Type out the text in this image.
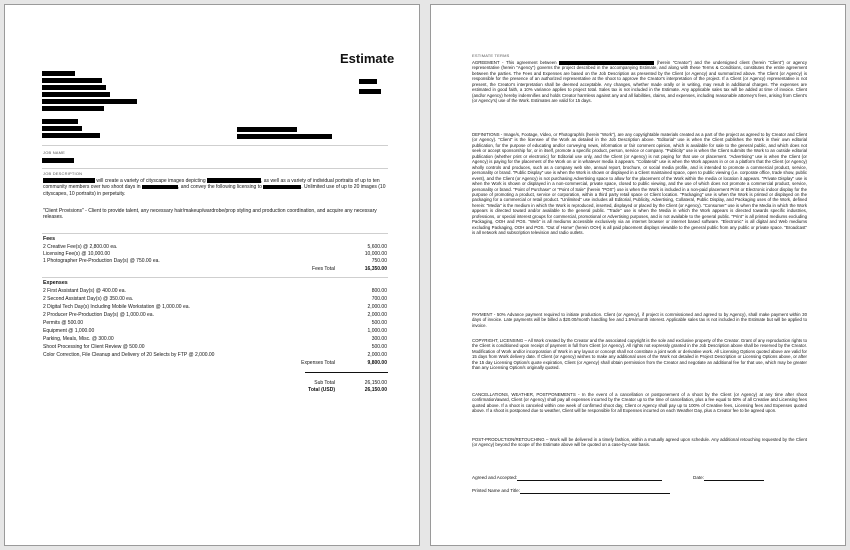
Estimate
JOB NAME
JOB DESCRIPTION
will create a variety of cityscape images depicting	, as well as a variety of individual portraits of up to ten community members over two shoot days in	, and convey the following licensing to	. Unlimited use of up to 20 images (10 cityscapes, 10 portraits) in perpetuity.
"Client Provisions" - Client to provide talent, any necessary hair/makeup/wardrobe/prop styling and production coordination, and acquire any necessary releases.
Fees
2 Creative Fee(s) @ 2,800.00 ea.	5,600.00
Licensing Fee(s) @ 10,000.00	10,000.00
1 Photographer Pre-Production Day(s) @ 750.00 ea.	750.00
Fees Total	16,350.00
Expenses
2 First Assistant Day(s) @ 400.00 ea.	800.00
2 Second Assistant Day(s) @ 350.00 ea.	700.00
2 Digital Tech Day(s) Including Mobile Workstation @ 1,000.00 ea.	2,000.00
2 Producer Pre-Production Day(s) @ 1,000.00 ea.	2,000.00
Permits @ 500.00	500.00
Equipment @ 1,000.00	1,000.00
Parking, Meals, Misc. @ 300.00	300.00
Shoot Processing for Client Review @ 500.00	500.00
Color Correction, File Cleanup and Delivery of 20 Selects by FTP @ 2,000.00	2,000.00
Expenses Total	9,800.00
Sub Total	26,150.00
Total (USD)	26,150.00
ESTIMATE TERMS
AGREEMENT - This agreement between	(herein "Creator") and the undersigned client (herein "Client") or agency representative (herein "Agency") governs the project described in the accompanying Estimate, and along with these Terms & Conditions, constitutes the entire agreement between the parties. The Fees and Expenses are based on the Job Description as presented by the Client (or Agency) and summarized above. The Client (or Agency) is responsible for the presence of an authorized representative at the shoot to approve the Creator's interpretation of the project. If a Client (or Agency) representative is not present, the Creator's interpretation shall be deemed acceptable. Any changes, whether made orally or in writing, may result in additional charges. The expenses are estimated in good faith, a 10% variance applies to project total. Sales tax is not included in the Estimate. Any applicable sales tax will be added at time of invoice. Client (and/or Agency) hereby indemnifies and holds Creator harmless against any and all liabilities, claims, and expenses, including reasonable attorney's fees, arising from Client's (or Agency's) use of the Work. Estimates are valid for 15 days.
DEFINITIONS - Image/s, Footage, Video, or Photograph/s (herein "Work"), are any copyrightable materials created as a part of the project as agreed to by Creator and Client (or Agency). "Client" is the licensee of the Work as detailed in the Job Description above. "Editorial" use is when the Client publishes the Work in their own editorial publication, for the purpose of educating and/or conveying news, information or fair comment opinion, which is available for sale to the general public, and which does not seek or accept sponsorship for, or in itself, promote a specific product, person, service or company. "Publicity" use is when the Client submits the Work to an outside editorial publication (whether print or electronic) for Editorial use only, and the Client (or Agency) is not paying for that use or placement. "Advertising" use is when the Client (or Agency) is paying for the placement of the Work on or in whatever media it appears. "Collateral" use is when the Work appears in or on a platform that the Client (or Agency) wholly controls and produces, such as a company web site, annual report, brochure, or social media profile, and is intended to promote a commercial product, service, personality or brand. "Public Display" use is when the Work is shown or displayed in a Client maintained space, open to public viewing (i.e. corporate office, trade show, public event), and the Client (or Agency) is not purchasing Advertising space to allow for the placement of the Work within the media or location it appears. "Private Display" use is when the Work is shown or displayed in a non-commercial, private space, closed to public viewing, and the use of which does not promote a commercial product, service, personality or brand. "Point of Purchase" or "Point of Sale" (herein "POS") use is when the Work is included in a non-paid placement Print or Electronic indoor display for the purpose of promoting a product, service or corporation, within a third party retail space or Client location. "Packaging" use is when the Work is printed or displayed on the packaging for a commercial or retail product. "Unlimited" use includes all Editorial, Publicity, Advertising, Collateral, Public Display, and Packaging uses of the Work, defined herein: "Media" is the medium in which the Work is reproduced, inserted, displayed or placed by the Client (or Agency). "Consumer" use is when the Media in which the Work appears is directed toward and/or available to the general public. "Trade" use is when the Media in which the Work appears is directed towards specific industries, professions, or special interest groups for commercial, promotional or Advertising purposes, and is not available to the general public. "Print" is all printed mediums excluding Packaging, OOH and POS. "Web" is all mediums accessible exclusively via an internet browser or internet based software. "Electronic" is all digital and Web mediums excluding Packaging, OOH and POS. "Out of Home" (herein OOH) is all paid placement displays viewable to the general public from any public or private space. "Broadcast" is all network and subscription television and radio outlets.
PAYMENT - 50% Advance payment required to initiate production. Client (or Agency), if project is commissioned and agreed to by Agency), shall make payment within 30 days of invoice. Late payments will be billed a $20.00/month handling fee and 1.5%/month interest. Applicable sales tax is not included in the Estimate but will be applied to invoice.
COPYRIGHT, LICENSING – All Work created by the Creator and the associated copyright is the sole and exclusive property of the Creator. Grant of any reproduction rights to the Client is conditioned upon receipt of payment in full from Client (or Agency). All rights not expressly granted in the Job Description above shall be reserved by the Creator. Modification of Work and/or incorporation of Work in any layout or concept shall not constitute a joint work or derivative work. All Licensing Options quoted above are valid for 15 days from Work delivery date. If Client (or Agency) wishes to make any additional uses of the Work not detailed in Project Description or Licensing Options above, or after the 15 day Licensing Option/s quote expiration, Client (or Agency) shall obtain permission from the Creator and negotiate an additional fee for that use, which may be greater than any Licensing Option/s originally quoted.
CANCELLATIONS, WEATHER, POSTPONEMENTS - In the event of a cancellation or postponement of a shoot by the Client (or Agency) at any time after shoot confirmation/award, Client (or Agency) shall pay all expenses incurred by the Creator up to the time of cancellation, plus a fee equal to 50% of all Creative and Licensing fees quoted above. If a shoot is canceled within one week of confirmed shoot day, Client or Agency shall pay up to 100% of Creative fees, Licensing fees and Expenses quoted above. If a shoot is postponed due to weather, Client will be responsible for all Expenses incurred on each Weather Day, plus a Creator fee to be agreed upon.
POST-PRODUCTION/RETOUCHING – Work will be delivered in a timely fashion, within a mutually agreed upon schedule. Any additional retouching requested by the Client (or Agency) beyond the scope of the Estimate above will be quoted on a case-by-case basis.
Agreed and Accepted:	Date:
Printed Name and Title:
